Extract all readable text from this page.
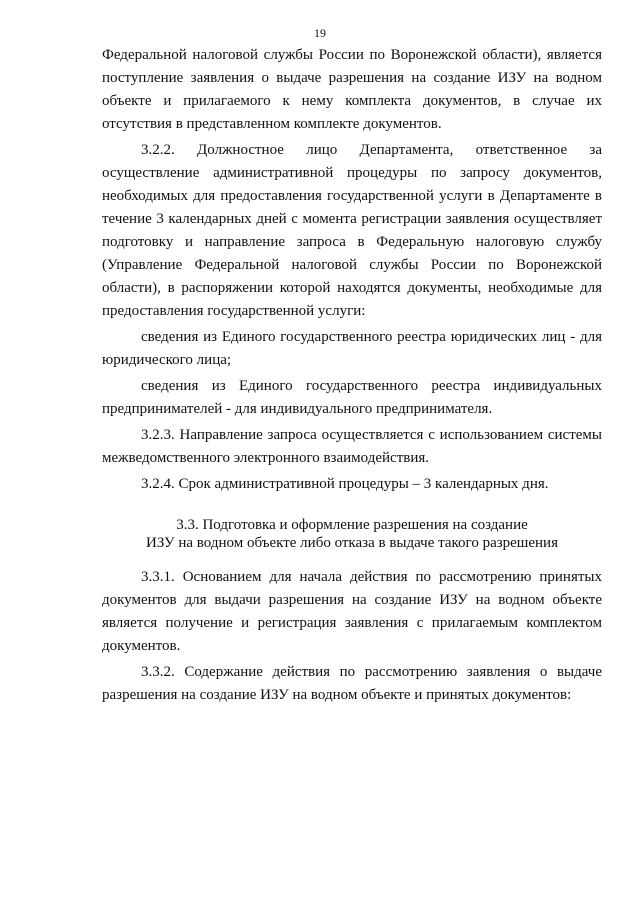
19

Федеральной налоговой службы России по Воронежской области), является поступление заявления о выдаче разрешения на создание ИЗУ на водном объекте и прилагаемого к нему комплекта документов, в случае их отсутствия в представленном комплекте документов.

3.2.2. Должностное лицо Департамента, ответственное за осуществление административной процедуры по запросу документов, необходимых для предоставления государственной услуги в Департаменте в течение 3 календарных дней с момента регистрации заявления осуществляет подготовку и направление запроса в Федеральную налоговую службу (Управление Федеральной налоговой службы России по Воронежской области), в распоряжении которой находятся документы, необходимые для предоставления государственной услуги:

сведения из Единого государственного реестра юридических лиц - для юридического лица;

сведения из Единого государственного реестра индивидуальных предпринимателей - для индивидуального предпринимателя.

3.2.3. Направление запроса осуществляется с использованием системы межведомственного электронного взаимодействия.

3.2.4. Срок административной процедуры – 3 календарных дня.

3.3. Подготовка и оформление разрешения на создание
ИЗУ на водном объекте либо отказа в выдаче такого разрешения

3.3.1. Основанием для начала действия по рассмотрению принятых документов для выдачи разрешения на создание ИЗУ на водном объекте является получение и регистрация заявления с прилагаемым комплектом документов.

3.3.2. Содержание действия по рассмотрению заявления о выдаче разрешения на создание ИЗУ на водном объекте и принятых документов:
